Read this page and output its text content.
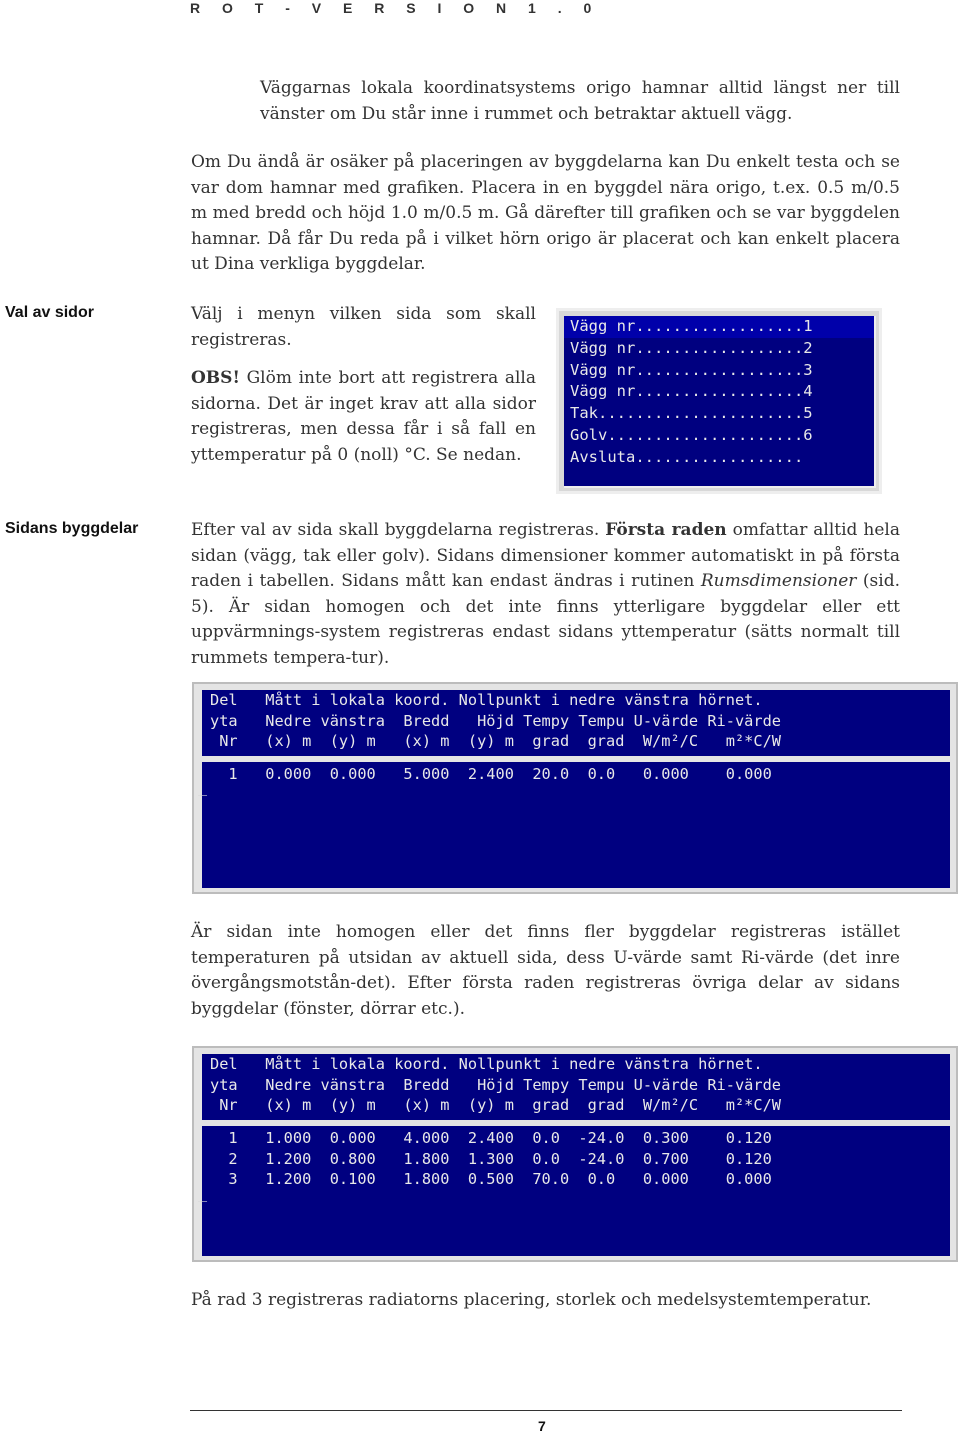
R O T - V E R S I O N 1 . 0

Väggarnas lokala koordinatsystems origo hamnar alltid längst ner till vänster om Du står inne i rummet och betraktar aktuell vägg.

Om Du ändå är osäker på placeringen av byggdelarna kan Du enkelt testa och se var dom hamnar med grafiken. Placera in en byggdel nära origo, t.ex. 0.5 m/0.5 m med bredd och höjd 1.0 m/0.5 m. Gå därefter till grafiken och se var byggdelen hamnar. Då får Du reda på i vilket hörn origo är placerat och kan enkelt placera ut Dina verkliga byggdelar.

Val av sidor	Välj i menyn vilken sida som skall registreras.

OBS! Glöm inte bort att registrera alla sidorna. Det är inget krav att alla sidor registreras, men dessa får i så fall en yttemperatur på 0 (noll) °C. Se nedan.

Vägg nr..................1
Vägg nr..................2
Vägg nr..................3
Vägg nr..................4
Tak......................5
Golv.....................6
Avsluta..................
Sidans byggdelar	Efter val av sida skall byggdelarna registreras. Första raden omfattar alltid hela sidan (vägg, tak eller golv). Sidans dimensioner kommer automatiskt in på första raden i tabellen. Sidans mått kan endast ändras i rutinen Rumsdimensioner (sid. 5). Är sidan homogen och det inte finns ytterligare byggdelar eller ett uppvärmnings-system registreras endast sidans yttemperatur (sätts normalt till rummets tempera-tur).

Del   Mått i lokala koord. Nollpunkt i nedre vänstra hörnet.
yta   Nedre vänstra  Bredd   Höjd Tempy Tempu U-värde Ri-värde
Nr   (x) m  (y) m   (x) m  (y) m  grad  grad  W/m²/C   m²*C/W
1   0.000  0.000   5.000  2.400  20.0  0.0   0.000    0.000
_

Är sidan inte homogen eller det finns fler byggdelar registreras istället temperaturen på utsidan av aktuell sida, dess U-värde samt Ri-värde (det inre övergångsmotstån-det). Efter första raden registreras övriga delar av sidans byggdelar (fönster, dörrar etc.).

Del   Mått i lokala koord. Nollpunkt i nedre vänstra hörnet.
yta   Nedre vänstra  Bredd   Höjd Tempy Tempu U-värde Ri-värde
Nr   (x) m  (y) m   (x) m  (y) m  grad  grad  W/m²/C   m²*C/W
1   1.000  0.000   4.000  2.400  0.0  -24.0  0.300    0.120
2   1.200  0.800   1.800  1.300  0.0  -24.0  0.700    0.120
3   1.200  0.100   1.800  0.500  70.0  0.0   0.000    0.000
_

På rad 3 registreras radiatorns placering, storlek och medelsystemtemperatur.

7
